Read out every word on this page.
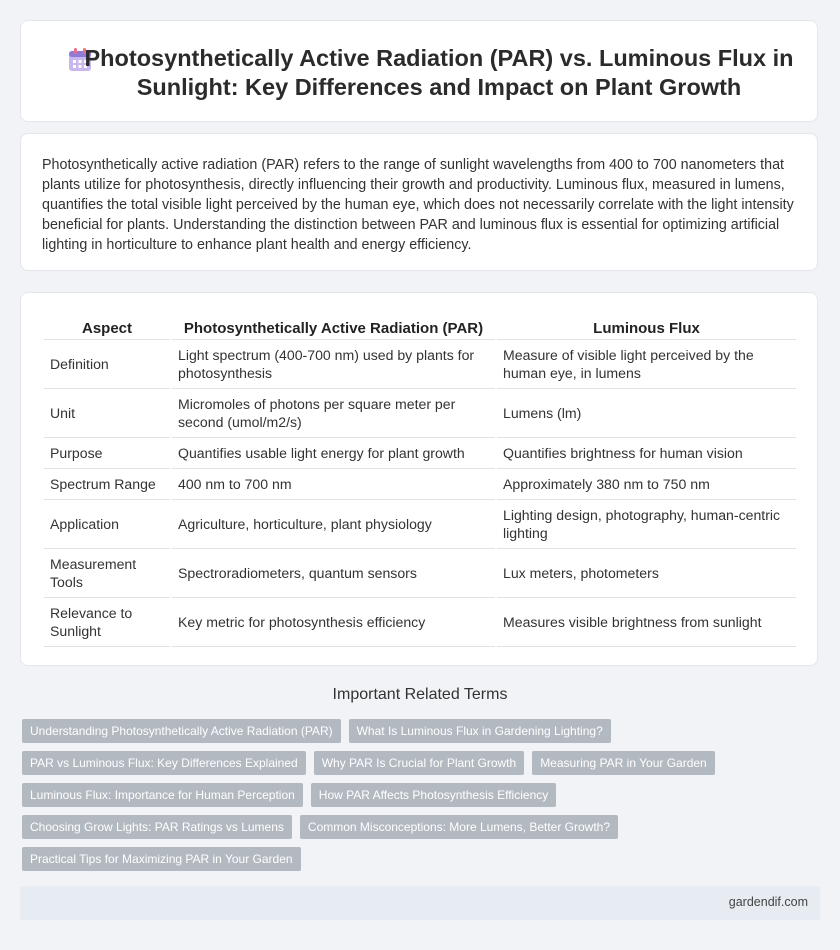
Photosynthetically Active Radiation (PAR) vs. Luminous Flux in Sunlight: Key Differences and Impact on Plant Growth

Photosynthetically active radiation (PAR) refers to the range of sunlight wavelengths from 400 to 700 nanometers that plants utilize for photosynthesis, directly influencing their growth and productivity. Luminous flux, measured in lumens, quantifies the total visible light perceived by the human eye, which does not necessarily correlate with the light intensity beneficial for plants. Understanding the distinction between PAR and luminous flux is essential for optimizing artificial lighting in horticulture to enhance plant health and energy efficiency.

Aspect	Photosynthetically Active Radiation (PAR)	Luminous Flux
Definition	Light spectrum (400-700 nm) used by plants for photosynthesis	Measure of visible light perceived by the human eye, in lumens
Unit	Micromoles of photons per square meter per second (umol/m2/s)	Lumens (lm)
Purpose	Quantifies usable light energy for plant growth	Quantifies brightness for human vision
Spectrum Range	400 nm to 700 nm	Approximately 380 nm to 750 nm
Application	Agriculture, horticulture, plant physiology	Lighting design, photography, human-centric lighting
Measurement Tools	Spectroradiometers, quantum sensors	Lux meters, photometers
Relevance to Sunlight	Key metric for photosynthesis efficiency	Measures visible brightness from sunlight
Important Related Terms
Understanding Photosynthetically Active Radiation (PAR)	What Is Luminous Flux in Gardening Lighting?
PAR vs Luminous Flux: Key Differences Explained	Why PAR Is Crucial for Plant Growth	Measuring PAR in Your Garden
Luminous Flux: Importance for Human Perception	How PAR Affects Photosynthesis Efficiency
Choosing Grow Lights: PAR Ratings vs Lumens	Common Misconceptions: More Lumens, Better Growth?
Practical Tips for Maximizing PAR in Your Garden
gardendif.com
